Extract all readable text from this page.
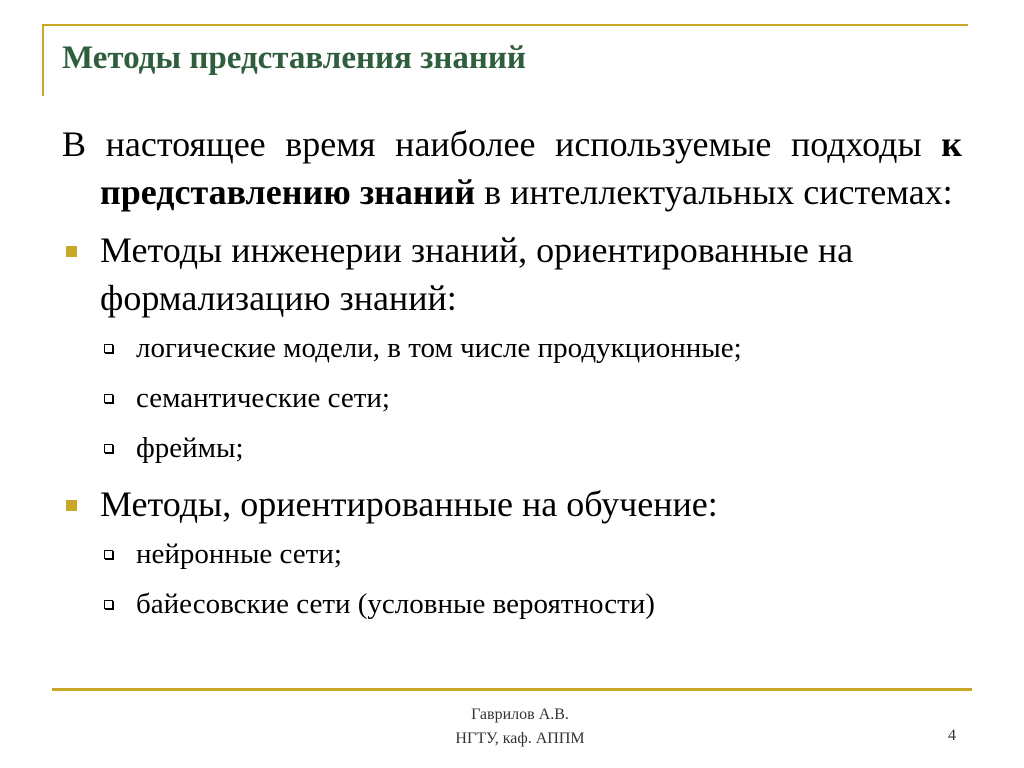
Методы представления знаний

В настоящее время наиболее используемые подходы к представлению знаний в интеллектуальных системах:

Методы инженерии знаний, ориентированные на формализацию знаний:
логические модели, в том числе продукционные;
семантические сети;
фреймы;
Методы, ориентированные на обучение:
нейронные сети;
байесовские сети (условные вероятности)
Гаврилов А.В.
НГТУ, каф. АППМ	4
